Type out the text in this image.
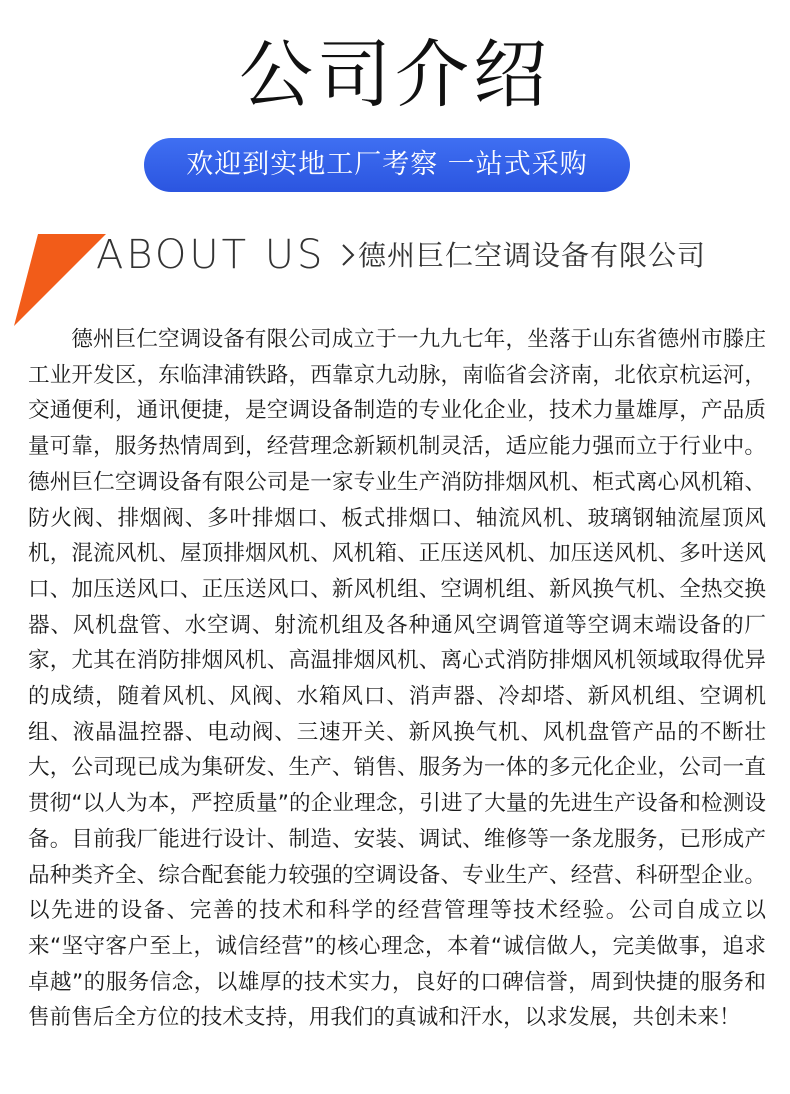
公司介绍
欢迎到实地工厂考察 一站式采购
ABOUT US 德州巨仁空调设备有限公司

德州巨仁空调设备有限公司成立于一九九七年，坐落于山东省德州市滕庄工业开发区，东临津浦铁路，西靠京九动脉，南临省会济南，北依京杭运河，交通便利，通讯便捷，是空调设备制造的专业化企业，技术力量雄厚，产品质量可靠，服务热情周到，经营理念新颖机制灵活，适应能力强而立于行业中。德州巨仁空调设备有限公司是一家专业生产消防排烟风机、柜式离心风机箱、防火阀、排烟阀、多叶排烟口、板式排烟口、轴流风机、玻璃钢轴流屋顶风机，混流风机、屋顶排烟风机、风机箱、正压送风机、加压送风机、多叶送风口、加压送风口、正压送风口、新风机组、空调机组、新风换气机、全热交换器、风机盘管、水空调、射流机组及各种通风空调管道等空调末端设备的厂家，尤其在消防排烟风机、高温排烟风机、离心式消防排烟风机领域取得优异的成绩，随着风机、风阀、水箱风口、消声器、冷却塔、新风机组、空调机组、液晶温控器、电动阀、三速开关、新风换气机、风机盘管产品的不断壮大，公司现已成为集研发、生产、销售、服务为一体的多元化企业，公司一直贯彻“以人为本，严控质量”的企业理念，引进了大量的先进生产设备和检测设备。目前我厂能进行设计、制造、安装、调试、维修等一条龙服务，已形成产品种类齐全、综合配套能力较强的空调设备、专业生产、经营、科研型企业。以先进的设备、完善的技术和科学的经营管理等技术经验。公司自成立以来“坚守客户至上，诚信经营”的核心理念，本着“诚信做人，完美做事，追求卓越”的服务信念，以雄厚的技术实力，良好的口碑信誉，周到快捷的服务和售前售后全方位的技术支持，用我们的真诚和汗水，以求发展，共创未来！
